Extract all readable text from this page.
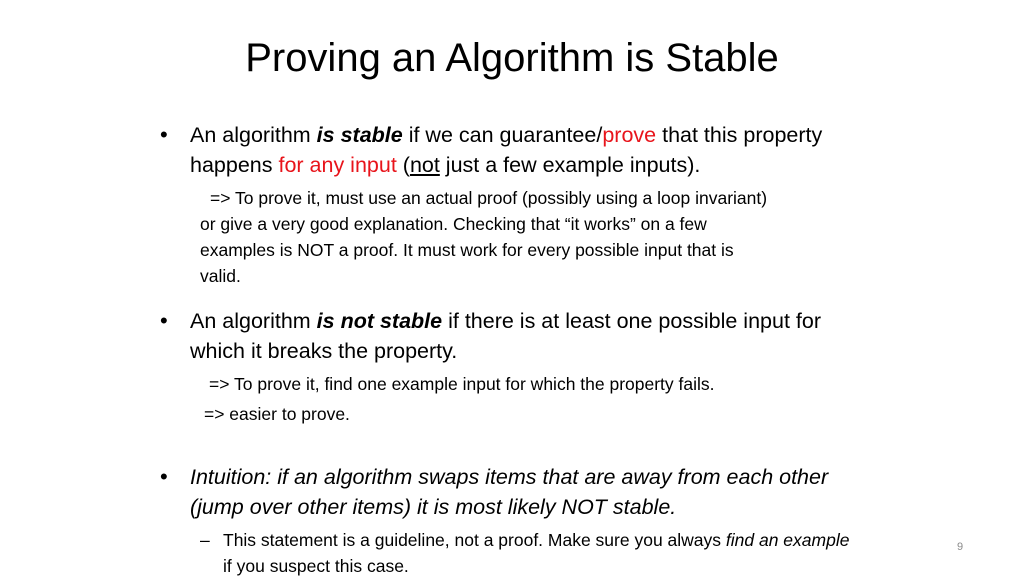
Proving an Algorithm is Stable
•	An algorithm is stable if we can guarantee/prove that this property happens for any input (not just a few example inputs).
=> To prove it, must use an actual proof (possibly using a loop invariant)
or give a very good explanation. Checking that “it works” on a few
examples is NOT a proof. It must work for every possible input that is
valid.
•	An algorithm is not stable if there is at least one possible input for which it breaks the property.
=> To prove it, find one example input for which the property fails.
=> easier to prove.
•	Intuition: if an algorithm swaps items that are away from each other (jump over other items) it is most likely NOT stable.
– This statement is a guideline, not a proof. Make sure you always find an example if you suspect this case.
9
